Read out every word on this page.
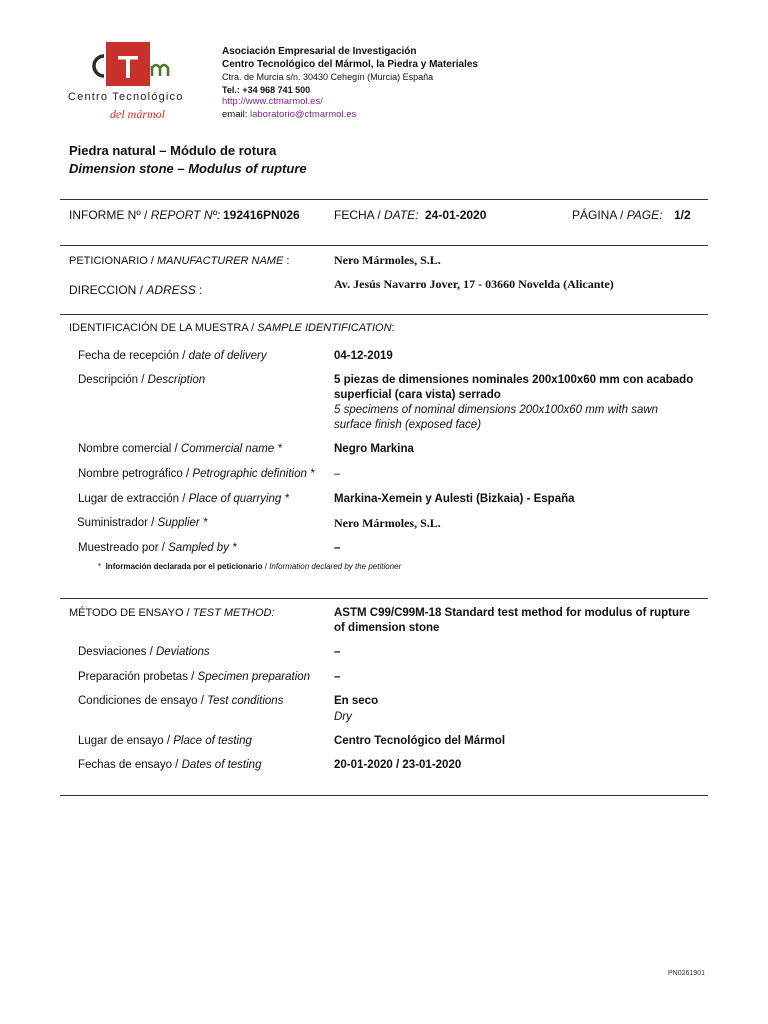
Centro Tecnológico
del mármol
Asociación Empresarial de Investigación
Centro Tecnológico del Mármol, la Piedra y Materiales
Ctra. de Murcia s/n. 30430 Cehegín (Murcia) España
Tel.: +34 968 741 500
http://www.ctmarmol.es/
email: laboratorio@ctmarmol.es
Piedra natural – Módulo de rotura
Dimension stone – Modulus of rupture
INFORME Nº / REPORT Nº: 192416PN026	FECHA / DATE: 24-01-2020	PÁGINA / PAGE: 1/2
PETICIONARIO / MANUFACTURER NAME :	Nero Mármoles, S.L.
DIRECCION / ADRESS :	Av. Jesús Navarro Jover, 17 - 03660 Novelda (Alicante)
IDENTIFICACIÓN DE LA MUESTRA / SAMPLE IDENTIFICATION:
Fecha de recepción / date of delivery	04-12-2019
Descripción / Description	5 piezas de dimensiones nominales 200x100x60 mm con acabado
superficial (cara vista) serrado
5 specimens of nominal dimensions 200x100x60 mm with sawn
surface finish (exposed face)
Nombre comercial / Commercial name *	Negro Markina
Nombre petrográfico / Petrographic definition * –
Lugar de extracción / Place of quarrying *	Markina-Xemein y Aulesti (Bizkaia) - España
Suministrador / Supplier *	Nero Mármoles, S.L.
Muestreado por / Sampled by *	–
* Información declarada por el peticionario / Information declared by the petitioner
MÉTODO DE ENSAYO / TEST METHOD:	ASTM C99/C99M-18 Standard test method for modulus of rupture
of dimension stone
Desviaciones / Deviations	–
Preparación probetas / Specimen preparation –
Condiciones de ensayo / Test conditions	En seco
Dry
Lugar de ensayo / Place of testing	Centro Tecnológico del Mármol
Fechas de ensayo / Dates of testing	20-01-2020 / 23-01-2020
PN0261901
